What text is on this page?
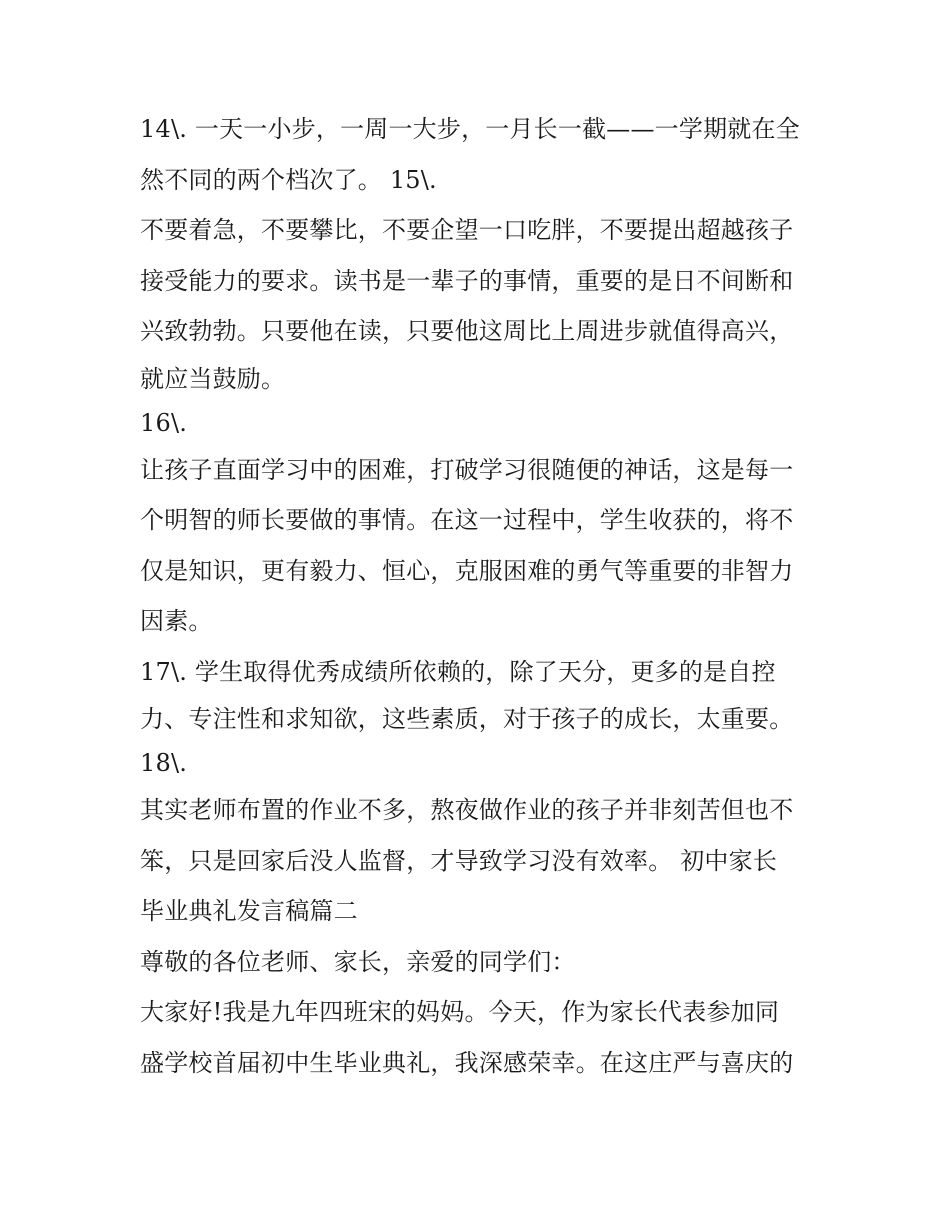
14\. 一天一小步，一周一大步，一月长一截——一学期就在全
然不同的两个档次了。 15\.
不要着急，不要攀比，不要企望一口吃胖，不要提出超越孩子
接受能力的要求。读书是一辈子的事情，重要的是日不间断和
兴致勃勃。只要他在读，只要他这周比上周进步就值得高兴，
就应当鼓励。
16\.
让孩子直面学习中的困难，打破学习很随便的神话，这是每一
个明智的师长要做的事情。在这一过程中，学生收获的，将不
仅是知识，更有毅力、恒心，克服困难的勇气等重要的非智力
因素。
17\. 学生取得优秀成绩所依赖的，除了天分，更多的是自控
力、专注性和求知欲，这些素质，对于孩子的成长，太重要。
18\.
其实老师布置的作业不多，熬夜做作业的孩子并非刻苦但也不
笨，只是回家后没人监督，才导致学习没有效率。 初中家长
毕业典礼发言稿篇二
尊敬的各位老师、家长，亲爱的同学们：
大家好!我是九年四班宋的妈妈。今天，作为家长代表参加同
盛学校首届初中生毕业典礼，我深感荣幸。在这庄严与喜庆的
